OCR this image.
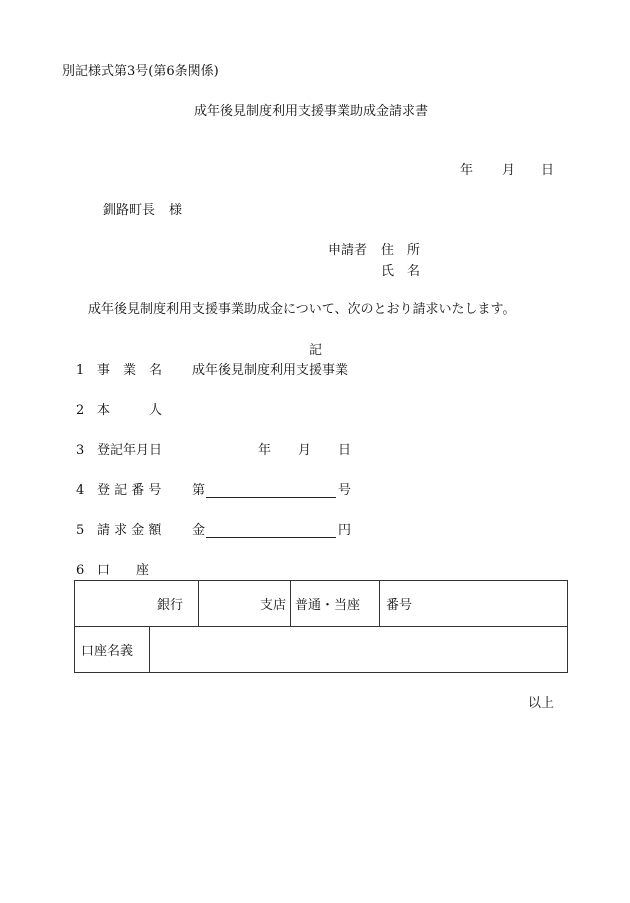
別記様式第3号(第6条関係)
成年後見制度利用支援事業助成金請求書
年 月 日
釧路町長 様
申請者 住　所
氏　名
成年後見制度利用支援事業助成金について、次のとおり請求いたします。
記
1 事　業　名 成年後見制度利用支援事業
2 本　　　人
3 登記年月日	年 月 日
4 登 記 番 号 第	号
5 請 求 金 額 金	円
6 口　　座
銀行		支店	普通・当座	番号
口座名義				
以上
